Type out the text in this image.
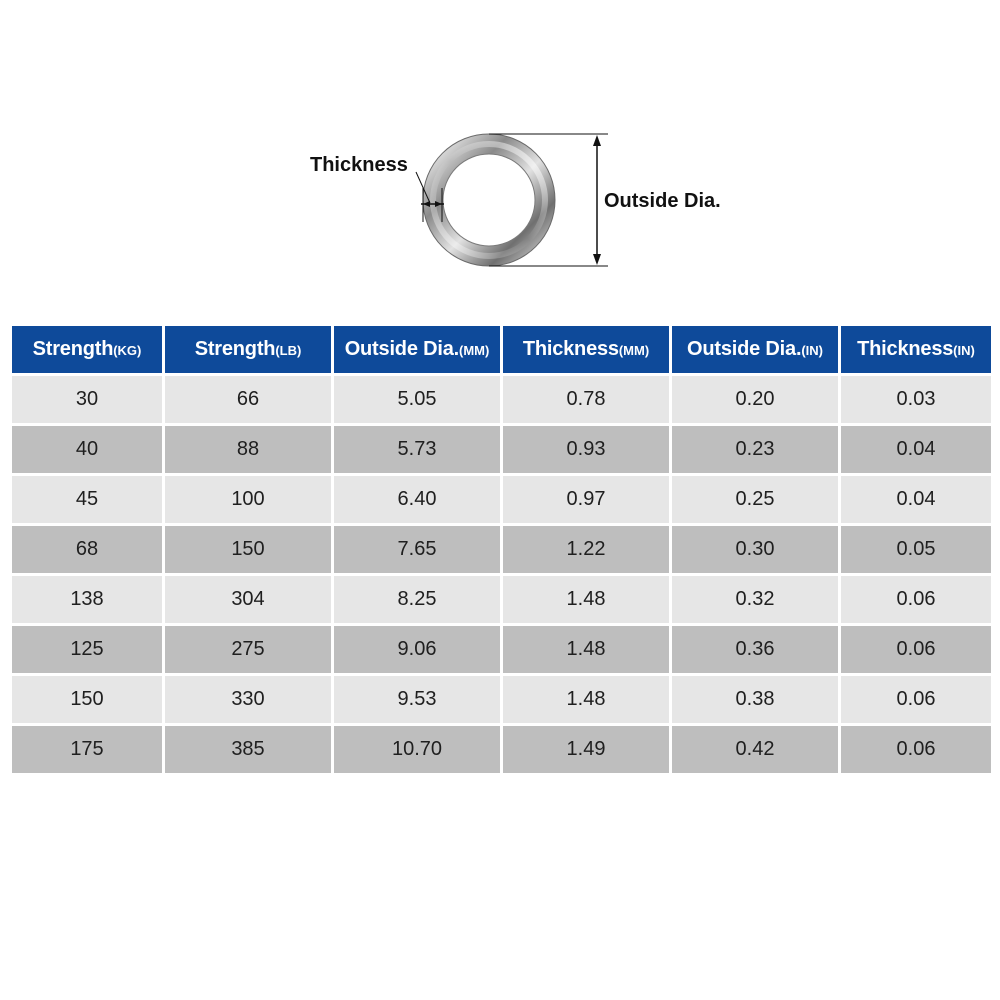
Thickness
Outside Dia.
Strength(KG)	Strength(LB)	Outside Dia.(MM)	Thickness(MM)	Outside Dia.(IN)	Thickness(IN)
30	66	5.05	0.78	0.20	0.03
40	88	5.73	0.93	0.23	0.04
45	100	6.40	0.97	0.25	0.04
68	150	7.65	1.22	0.30	0.05
138	304	8.25	1.48	0.32	0.06
125	275	9.06	1.48	0.36	0.06
150	330	9.53	1.48	0.38	0.06
175	385	10.70	1.49	0.42	0.06
